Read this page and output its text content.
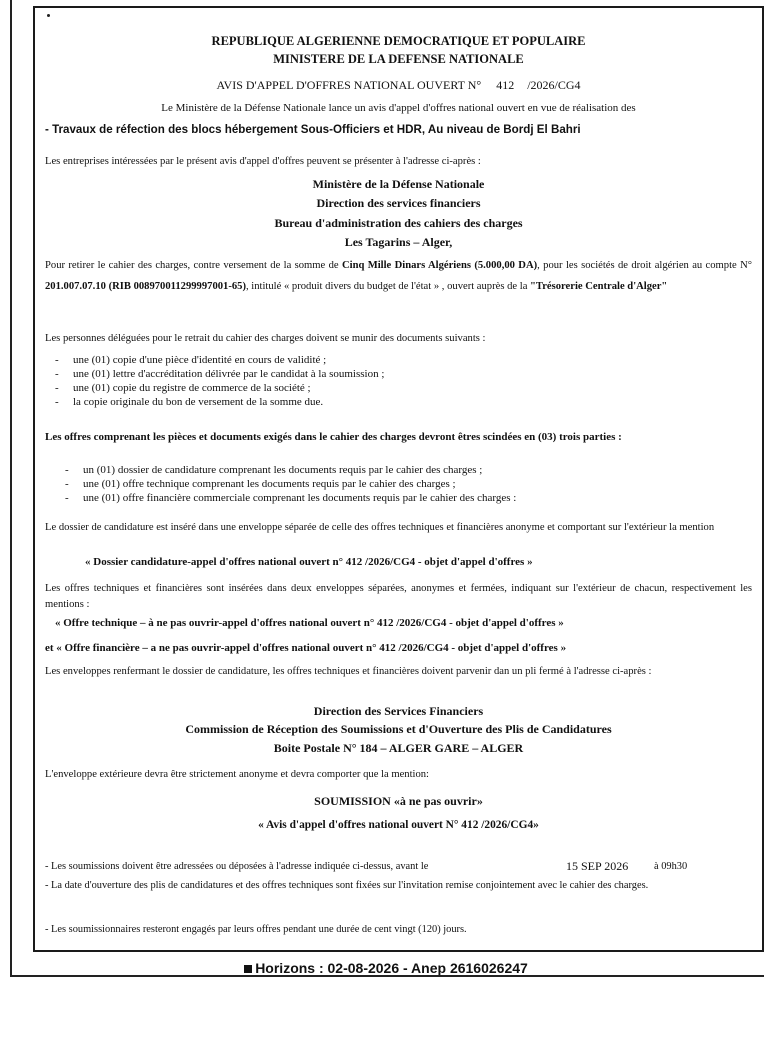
REPUBLIQUE ALGERIENNE DEMOCRATIQUE ET POPULAIRE

MINISTERE DE LA DEFENSE NATIONALE

AVIS D'APPEL D'OFFRES NATIONAL OUVERT N° 412 /2026/CG4

Le Ministère de la Défense Nationale lance un avis d'appel d'offres national ouvert en vue de réalisation des

- Travaux de réfection des blocs hébergement Sous-Officiers et HDR, Au niveau de Bordj El Bahri

Les entreprises intéressées par le présent avis d'appel d'offres peuvent se présenter à l'adresse ci-après :

Ministère de la Défense Nationale

Direction des services financiers

Bureau d'administration des cahiers des charges

Les Tagarins – Alger,

Pour retirer le cahier des charges, contre versement de la somme de Cinq Mille Dinars Algériens (5.000,00 DA), pour les sociétés de droit algérien au compte N° 201.007.07.10 (RIB 008970011299997001-65), intitulé « produit divers du budget de l'état » , ouvert auprès de la "Trésorerie Centrale d'Alger"

Les personnes déléguées pour le retrait du cahier des charges doivent se munir des documents suivants :

- une (01) copie d'une pièce d'identité en cours de validité ;
- une (01) lettre d'accréditation délivrée par le candidat à la soumission ;
- une (01) copie du registre de commerce de la société ;
- la copie originale du bon de versement de la somme due.

Les offres comprenant les pièces et documents exigés dans le cahier des charges devront êtres scindées en (03) trois parties :

- un (01) dossier de candidature comprenant les documents requis par le cahier des charges ;
- une (01) offre technique comprenant les documents requis par le cahier des charges ;
- une (01) offre financière commerciale comprenant les documents requis par le cahier des charges :

Le dossier de candidature est inséré dans une enveloppe séparée de celle des offres techniques et financières anonyme et comportant sur l'extérieur la mention

« Dossier candidature-appel d'offres national ouvert n° 412 /2026/CG4 - objet d'appel d'offres »

Les offres techniques et financières sont insérées dans deux enveloppes séparées, anonymes et fermées, indiquant sur l'extérieur de chacun, respectivement les mentions :

« Offre technique – à ne pas ouvrir-appel d'offres national ouvert n° 412 /2026/CG4 - objet d'appel d'offres »

et « Offre financière – a ne pas ouvrir-appel d'offres national ouvert n° 412 /2026/CG4 - objet d'appel d'offres »

Les enveloppes renfermant le dossier de candidature, les offres techniques et financières doivent parvenir dan un pli fermé à l'adresse ci-après :

Direction des Services Financiers

Commission de Réception des Soumissions et d'Ouverture des Plis de Candidatures

Boite Postale N° 184 – ALGER GARE – ALGER

L'enveloppe extérieure devra être strictement anonyme et devra comporter que la mention:

SOUMISSION «à ne pas ouvrir»

« Avis d'appel d'offres national ouvert N° 412 /2026/CG4»

- Les soumissions doivent être adressées ou déposées à l'adresse indiquée ci-dessus, avant le	15 SEP 2026 à 09h30

- La date d'ouverture des plis de candidatures et des offres techniques sont fixées sur l'invitation remise conjointement avec le cahier des charges.

- Les soumissionnaires resteront engagés par leurs offres pendant une durée de cent vingt (120) jours.

Horizons : 02-08-2026 - Anep 2616026247
